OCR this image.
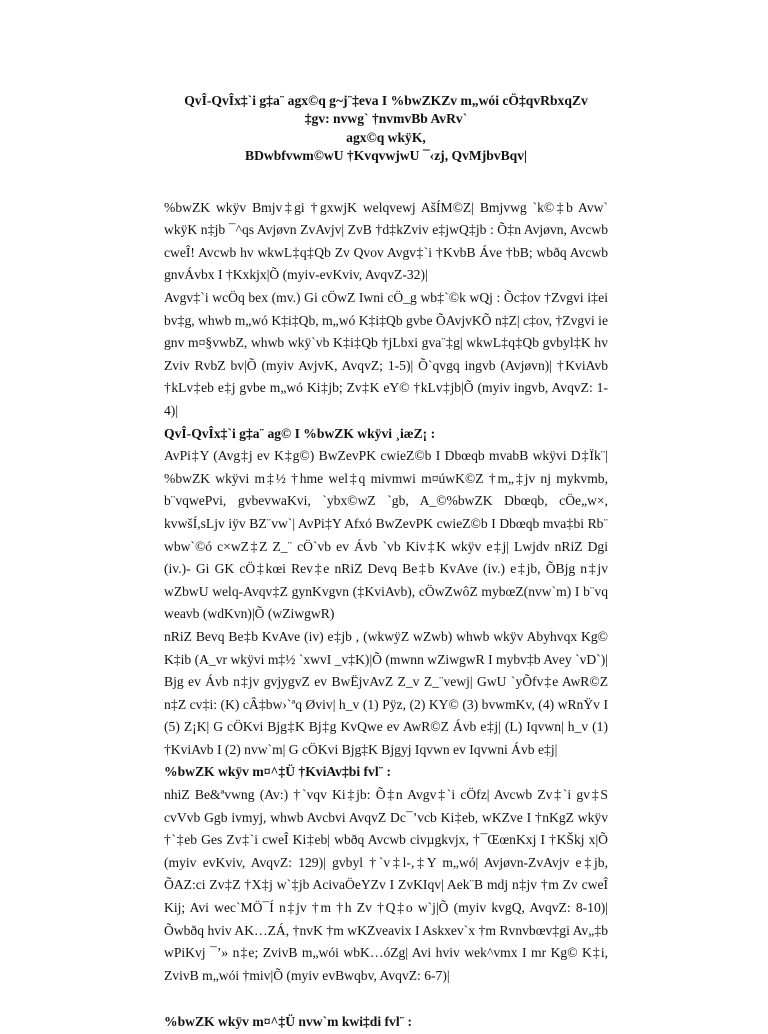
QvÎ-QvÎx‡`i g‡a¨ agx©q g~j¨‡eva I %bwZKZv m„wói cÖ‡qvRbxqZv
‡gv: nvwg` †nvmvBb AvRv`
agx©q wkÿK,
BDwbfvwm©wU †KvqvwjwU ¯‹zj, QvMjbvBqv|

%bwZK wkÿv Bmjv‡gi †gxwjK welqvewj AšÍM©Z| Bmjvwg `k©‡b Avw` wkÿK n‡jb ¯^qs Avjøvn ZvAvjv| ZvB †d‡kZviv e‡jwQ‡jb : Õ‡n Avjøvn, Avcwb cweÎ! Avcwb hv wkwL‡q‡Qb Zv Qvov Avgv‡`i †KvbB Áve †bB; wbðq Avcwb gnvÁvbx I †Kxkjx|Õ (myiv-evKviv, AvqvZ-32)|

Avgv‡`i wcÖq bex (mv.) Gi cÖwZ Iwni cÖ_g wb‡`©k wQj : Õc‡ov †Zvgvi i‡ei bv‡g, whwb m„wó K‡i‡Qb, m„wó K‡i‡Qb gvbe ÕAvjvKÕ n‡Z| c‡ov, †Zvgvi ie gnv m¤§vwbZ, whwb wkÿ`vb K‡i‡Qb †jLbxi gva¨‡g| wkwL‡q‡Qb gvbyl‡K hv Zviv RvbZ bv|Õ (myiv AvjvK, AvqvZ; 1-5)| Õ`qvgq ingvb (Avjøvn)| †KviAvb †kLv‡eb e‡j gvbe m„wó Ki‡jb; Zv‡K eY© †kLv‡jb|Õ (myiv ingvb, AvqvZ: 1-4)|

QvÎ-QvÎx‡`i g‡a¨ ag© I %bwZK wkÿvi ¸iæZ¡ :

AvPi‡Y (Avg‡j ev K‡g©) BwZevPK cwieZ©b I Dbœqb mvabB wkÿvi D‡Ïk¨| %bwZK wkÿvi m‡½ †hme wel‡q mivmwi m¤úwK©Z †m„‡jv nj mykvmb, b¨vqwePvi, gvbevwaKvi, `ybx©wZ `gb, A_©%bwZK Dbœqb, cÖe„w×, kvwšÍ,sLjv iÿv BZ¨vw`| AvPi‡Y Afxó BwZevPK cwieZ©b I Dbœqb mva‡bi Rb¨ wbw`©ó c×wZ‡Z Z_¨ cÖ`vb ev Ávb `vb Kiv‡K wkÿv e‡j| Lwjdv nRiZ Dgi (iv.)- Gi GK cÖ‡kœi Rev‡e nRiZ Devq Be‡b KvAve (iv.) e‡jb, ÕBjg n‡jv wZbwU welq-Avqv‡Z gynKvgvn (‡KviAvb), cÖwZwôZ mybœZ(nvw`m) I b¨vq weavb (wdKvn)|Õ (wZiwgwR)

nRiZ Bevq Be‡b KvAve (iv) e‡jb , (wkwÿZ wZwb) whwb wkÿv Abyhvqx Kg© K‡ib (A_vr wkÿvi m‡½ `xwvI _v‡K)|Õ (mwnn wZiwgwR I mybv‡b Avey `vD`)| Bjg ev Ávb n‡jv gvjygvZ ev BwËjvAvZ Z_v Z_¨vewj| GwU `yÕfv‡e AwR©Z n‡Z cv‡i: (K) cÂ‡bw›`ªq Øviv| h_v (1) Pÿz, (2) KY© (3) bvwmKv, (4) wRnŸv I (5) Z¡K| G cÖKvi Bjg‡K Bj‡g KvQwe ev AwR©Z Ávb e‡j| (L) Iqvwn| h_v (1) †KviAvb I (2) nvw`m| G cÖKvi Bjg‡K Bjgyj Iqvwn ev Iqvwni Ávb e‡j|

%bwZK wkÿv m¤^‡Ü †KviAv‡bi fvl¨ :

nhiZ Be&ªvwng (Av:) †`vqv Ki‡jb: Õ‡n Avgv‡`i cÖfz| Avcwb Zv‡`i gv‡S cvVvb Ggb ivmyj, whwb Avcbvi AvqvZ Dc¯’vcb Ki‡eb, wKZve I †nKgZ wkÿv †`‡eb Ges Zv‡`i cweÎ Ki‡eb| wbðq Avcwb civµgkvjx, †¯ŒœnKxj I †KŠkj x|Õ (myiv evKviv, AvqvZ: 129)| gvbyl †`v‡l-,‡Y m„wó| Avjøvn-ZvAvjv e‡jb, ÕAZ:ci Zv‡Z †X‡j w`‡jb AcivaÖeYZv I ZvKIqv| Aek¨B mdj n‡jv †m Zv cweÎ Kij; Avi wec`MÖ¯Í n‡jv †m †h Zv †Q‡o w`j|Õ (myiv kvgQ, AvqvZ: 8-10)| Õwbðq hviv AK…ZÁ, †nvK †m wKZveavix I Askxev`x †m Rvnvbœv‡gi Av„‡b wPiKvj ¯’» n‡e; ZvivB m„wói wbK…óZg| Avi hviv wek^vmx I mr Kg© K‡i, ZvivB m„wói †miv|Õ (myiv evBwqbv, AvqvZ: 6-7)|

%bwZK wkÿv m¤^‡Ü nvw`m kwi‡di fvl¨ :
